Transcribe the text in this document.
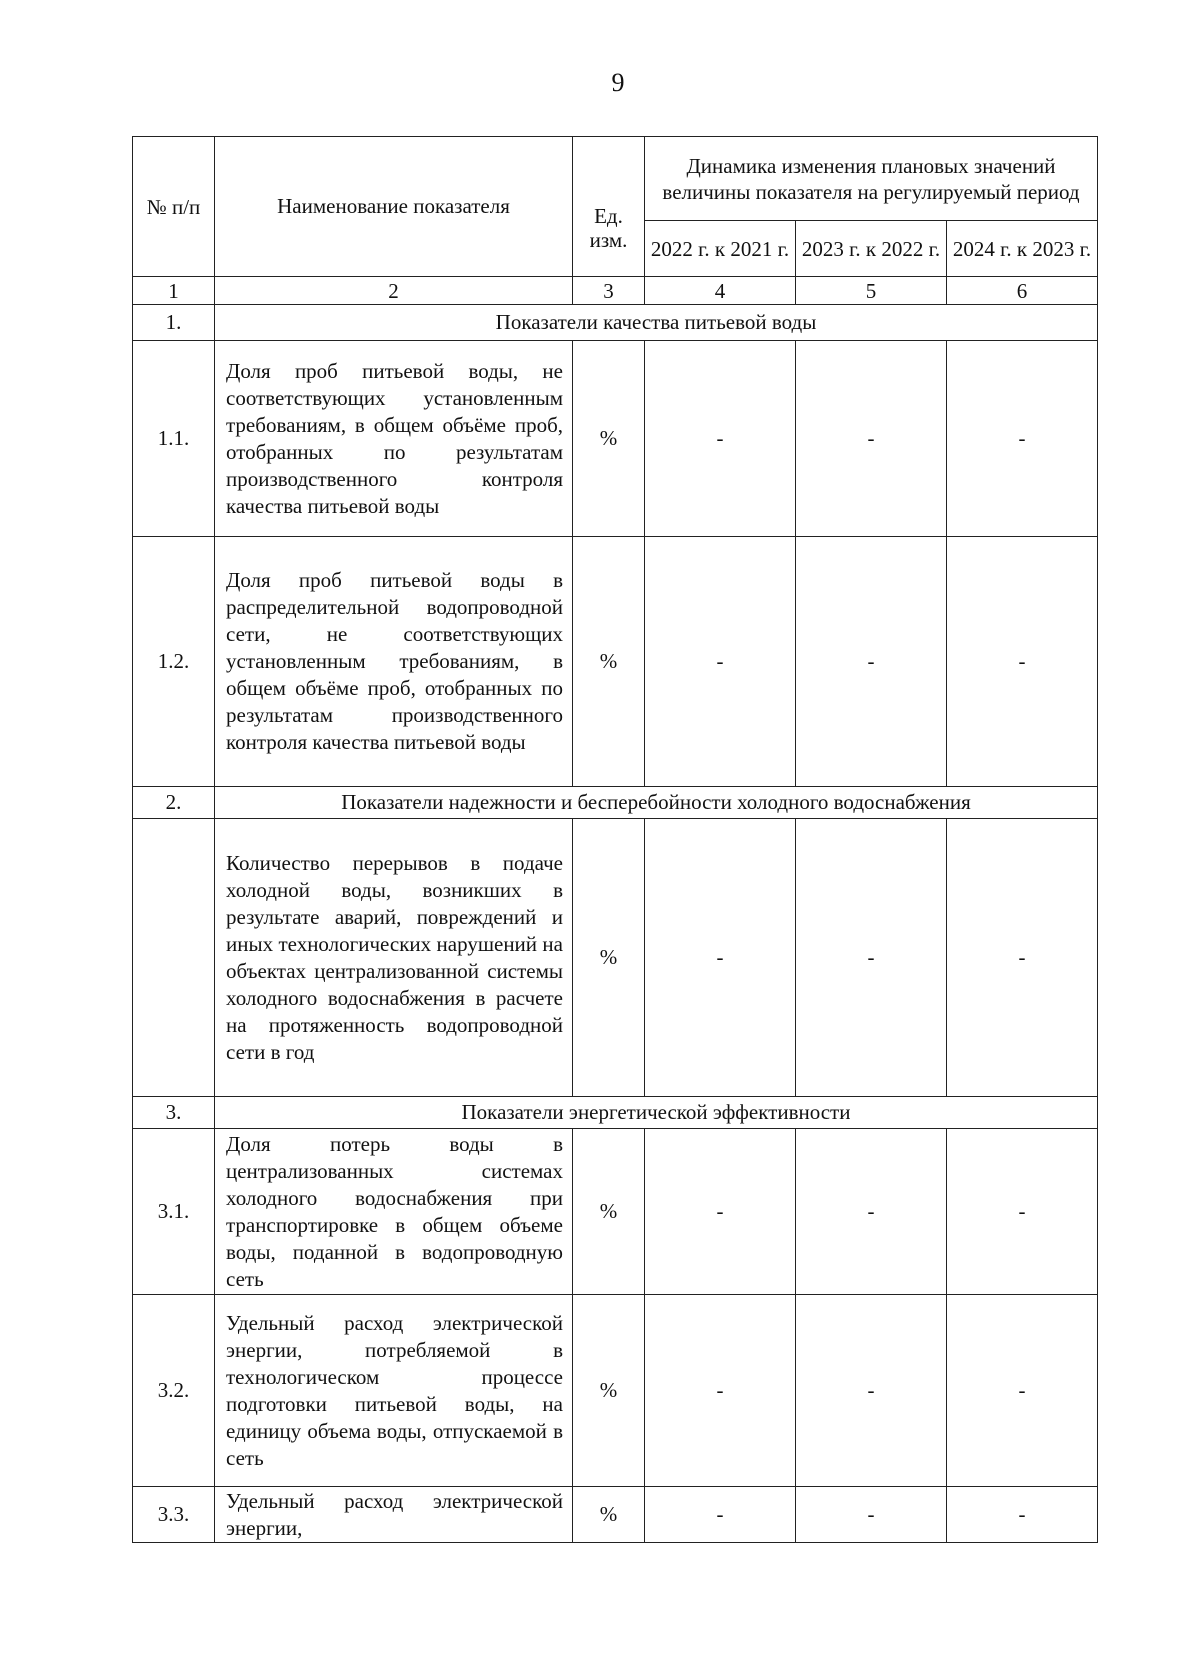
9
№ п/п	Наименование показателя	Ед. изм.	Динамика изменения плановых значений величины показателя на регулируемый период		
			2022 г. к 2021 г.	2023 г. к 2022 г.	2024 г. к 2023 г.
1	2	3	4	5	6
1.	Показатели качества питьевой воды				
1.1.	Доля проб питьевой воды, не соответствующих установленным требованиям, в общем объёме проб, отобранных по результатам производственного контроля качества питьевой воды	%	-	-	-
1.2.	Доля проб питьевой воды в распределительной водопроводной сети, не соответствующих установленным требованиям, в общем объёме проб, отобранных по результатам производственного контроля качества питьевой воды	%	-	-	-
2.	Показатели надежности и бесперебойности холодного водоснабжения				
	Количество перерывов в подаче холодной воды, возникших в результате аварий, повреждений и иных технологических нарушений на объектах централизованной системы холодного водоснабжения в расчете на протяженность водопроводной сети в год	%	-	-	-
3.	Показатели энергетической эффективности				
3.1.	Доля потерь воды в централизованных системах холодного водоснабжения при транспортировке в общем объеме воды, поданной в водопроводную сеть	%	-	-	-
3.2.	Удельный расход электрической энергии, потребляемой в технологическом процессе подготовки питьевой воды, на единицу объема воды, отпускаемой в сеть	%	-	-	-
3.3.	Удельный расход электрической энергии,	%	-	-	-
